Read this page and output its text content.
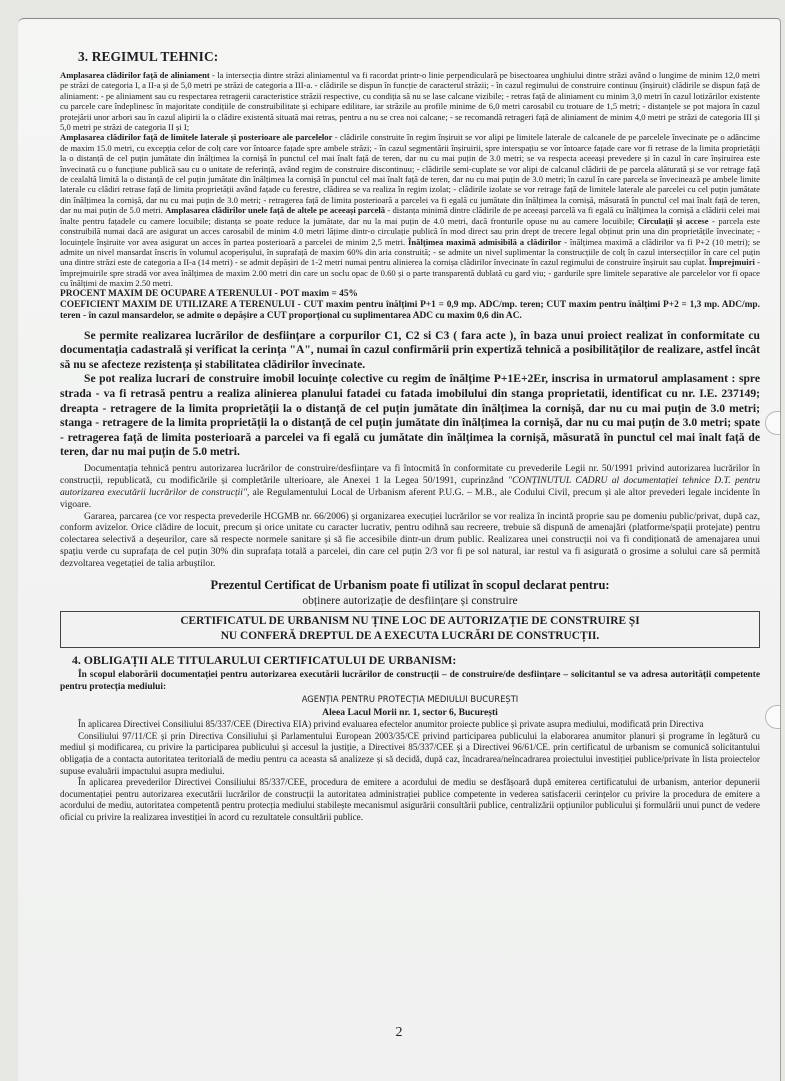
3. REGIMUL TEHNIC:

Amplasarea clădirilor față de aliniament - la intersecția dintre străzi aliniamentul va fi racordat printr-o linie perpendiculară pe bisectoarea unghiului dintre străzi având o lungime de minim 12,0 metri pe străzi de categoria I, a II-a și de 5,0 metri pe străzi de categoria a III-a. - clădirile se dispun în funcție de caracterul străzii; - în cazul regimului de construire continuu (înșiruit) clădirile se dispun față de aliniament: - pe aliniament sau cu respectarea retragerii caracteristice străzii respective, cu condiția să nu se lase calcane vizibile; - retras față de aliniament cu minim 3,0 metri în cazul lotizărilor existente cu parcele care îndeplinesc în majoritate condițiile de construibilitate și echipare edilitare, iar străzile au profile minime de 6,0 metri carosabil cu trotuare de 1,5 metri; - distanțele se pot majora în cazul protejării unor arbori sau în cazul alipirii la o clădire existentă situată mai retras, pentru a nu se crea noi calcane; - se recomandă retrageri față de aliniament de minim 4,0 metri pe străzi de categoria III și 5,0 metri pe străzi de categoria II și I;
Amplasarea clădirilor față de limitele laterale și posterioare ale parcelelor - clădirile construite în regim înșiruit se vor alipi pe limitele laterale de calcanele de pe parcelele învecinate pe o adâncime de maxim 15.0 metri, cu excepția celor de colț care vor întoarce fațade spre ambele străzi; - în cazul segmentării înșiruirii, spre interspațiu se vor întoarce fațade care vor fi retrase de la limita proprietății la o distanță de cel puțin jumătate din înălțimea la cornișă în punctul cel mai înalt față de teren, dar nu cu mai puțin de 3.0 metri; se va respecta aceeași prevedere și în cazul în care înșiruirea este învecinată cu o funcțiune publică sau cu o unitate de referință, având regim de construire discontinuu; - clădirile semi-cuplate se vor alipi de calcanul clădirii de pe parcela alăturată și se vor retrage față de cealaltă limită la o distanță de cel puțin jumătate din înălțimea la cornișă în punctul cel mai înalt față de teren, dar nu cu mai puțin de 3.0 metri; în cazul în care parcela se învecinează pe ambele limite laterale cu clădiri retrase față de limita proprietății având fațade cu ferestre, clădirea se va realiza în regim izolat; - clădirile izolate se vor retrage față de limitele laterale ale parcelei cu cel puțin jumătate din înălțimea la cornișă, dar nu cu mai puțin de 3.0 metri; - retragerea față de limita posterioară a parcelei va fi egală cu jumătate din înălțimea la cornișă, măsurată în punctul cel mai înalt față de teren, dar nu mai puțin de 5.0 metri. Amplasarea clădirilor unele față de altele pe aceeași parcelă - distanța minimă dintre clădirile de pe aceeași parcelă va fi egală cu înălțimea la cornișă a clădirii celei mai înalte pentru fațadele cu camere locuibile; distanța se poate reduce la jumătate, dar nu la mai puțin de 4.0 metri, dacă fronturile opuse nu au camere locuibile; Circulații și accese - parcela este construibilă numai dacă are asigurat un acces carosabil de minim 4.0 metri lățime dintr-o circulație publică în mod direct sau prin drept de trecere legal obținut prin una din proprietățile învecinate; - locuințele înșiruite vor avea asigurat un acces în partea posterioară a parcelei de minim 2,5 metri. Înălțimea maximă admisibilă a clădirilor - înălțimea maximă a clădirilor va fi P+2 (10 metri); se admite un nivel mansardat înscris în volumul acoperișului, în suprafață de maxim 60% din aria construită; - se admite un nivel suplimentar la construcțiile de colț în cazul intersecțiilor în care cel puțin una dintre străzi este de categoria a II-a (14 metri) - se admit depășiri de 1-2 metri numai pentru alinierea la cornișa clădirilor învecinate în cazul regimului de construire înșiruit sau cuplat. Împrejmuiri - împrejmuirile spre stradă vor avea înălțimea de maxim 2.00 metri din care un soclu opac de 0.60 și o parte transparentă dublată cu gard viu; - gardurile spre limitele separative ale parcelelor vor fi opace cu înălțimi de maxim 2.50 metri.

PROCENT MAXIM DE OCUPARE A TERENULUI - POT maxim = 45%

COEFICIENT MAXIM DE UTILIZARE A TERENULUI - CUT maxim pentru înălțimi P+1 = 0,9 mp. ADC/mp. teren; CUT maxim pentru înălțimi P+2 = 1,3 mp. ADC/mp. teren - în cazul mansardelor, se admite o depășire a CUT proporțional cu suplimentarea ADC cu maxim 0,6 din AC.

Se permite realizarea lucrărilor de desființare a corpurilor C1, C2 si C3 ( fara acte ), în baza unui proiect realizat în conformitate cu documentația cadastrală și verificat la cerința "A", numai în cazul confirmării prin expertiză tehnică a posibilităților de realizare, astfel încât să nu se afecteze rezistența și stabilitatea clădirilor învecinate.

Se pot realiza lucrari de construire imobil locuințe colective cu regim de înălțime P+1E+2Er, inscrisa in urmatorul amplasament : spre strada - va fi retrasă pentru a realiza alinierea planului fatadei cu fatada imobilului din stanga proprietatii, identificat cu nr. I.E. 237149; dreapta - retragere de la limita proprietății la o distanță de cel puțin jumătate din înălțimea la cornișă, dar nu cu mai puțin de 3.0 metri; stanga - retragere de la limita proprietății la o distanță de cel puțin jumătate din înălțimea la cornișă, dar nu cu mai puțin de 3.0 metri; spate - retragerea față de limita posterioară a parcelei va fi egală cu jumătate din înălțimea la cornișă, măsurată în punctul cel mai înalt față de teren, dar nu mai puțin de 5.0 metri.

Documentația tehnică pentru autorizarea lucrărilor de construire/desființare va fi întocmită în conformitate cu prevederile Legii nr. 50/1991 privind autorizarea lucrărilor în construcții, republicată, cu modificările și completările ulterioare, ale Anexei 1 la Legea 50/1991, cuprinzând "CONȚINUTUL CADRU al documentației tehnice D.T. pentru autorizarea executării lucrărilor de construcții", ale Regulamentului Local de Urbanism aferent P.U.G. – M.B., ale Codului Civil, precum și ale altor prevederi legale incidente în vigoare.

Gararea, parcarea (ce vor respecta prevederile HCGMB nr. 66/2006) și organizarea execuției lucrărilor se vor realiza în incintă proprie sau pe domeniu public/privat, după caz, conform avizelor. Orice clădire de locuit, precum și orice unitate cu caracter lucrativ, pentru odihnă sau recreere, trebuie să dispună de amenajări (platforme/spații protejate) pentru colectarea selectivă a deșeurilor, care să respecte normele sanitare și să fie accesibile dintr-un drum public. Realizarea unei construcții noi va fi condiționată de amenajarea unui spațiu verde cu suprafața de cel puțin 30% din suprafața totală a parcelei, din care cel puțin 2/3 vor fi pe sol natural, iar restul va fi asigurată o grosime a solului care să permită dezvoltarea vegetației de talia arbuștilor.

Prezentul Certificat de Urbanism poate fi utilizat în scopul declarat pentru:
obținere autorizație de desființare și construire
CERTIFICATUL DE URBANISM NU ȚINE LOC DE AUTORIZAȚIE DE CONSTRUIRE ȘI
NU CONFERĂ DREPTUL DE A EXECUTA LUCRĂRI DE CONSTRUCȚII.
4. OBLIGAȚII ALE TITULARULUI CERTIFICATULUI DE URBANISM:

În scopul elaborării documentației pentru autorizarea executării lucrărilor de construcții – de construire/de desființare – solicitantul se va adresa autorității competente pentru protecția mediului:

AGENȚIA PENTRU PROTECȚIA MEDIULUI BUCUREȘTI

Aleea Lacul Morii nr. 1, sector 6, București

În aplicarea Directivei Consiliului 85/337/CEE (Directiva EIA) privind evaluarea efectelor anumitor proiecte publice și private asupra mediului, modificată prin Directiva

Consiliului 97/11/CE și prin Directiva Consiliului și Parlamentului European 2003/35/CE privind participarea publicului la elaborarea anumitor planuri și programe în legătură cu mediul și modificarea, cu privire la participarea publicului și accesul la justiție, a Directivei 85/337/CEE și a Directivei 96/61/CE. prin certificatul de urbanism se comunică solicitantului obligația de a contacta autoritatea teritorială de mediu pentru ca aceasta să analizeze și să decidă, după caz, încadrarea/neîncadrarea proiectului investiției publice/private în lista proiectelor supuse evaluării impactului asupra mediului.

În aplicarea prevederilor Directivei Consiliului 85/337/CEE, procedura de emitere a acordului de mediu se desfășoară după emiterea certificatului de urbanism, anterior depunerii documentației pentru autorizarea executării lucrărilor de construcții la autoritatea administrației publice competente in vederea satisfacerii cerințelor cu privire la procedura de emitere a acordului de mediu, autoritatea competentă pentru protecția mediului stabilește mecanismul asigurării consultării publice, centralizării opțiunilor publicului și formulării unui punct de vedere oficial cu privire la realizarea investiției în acord cu rezultatele consultării publice.

2
